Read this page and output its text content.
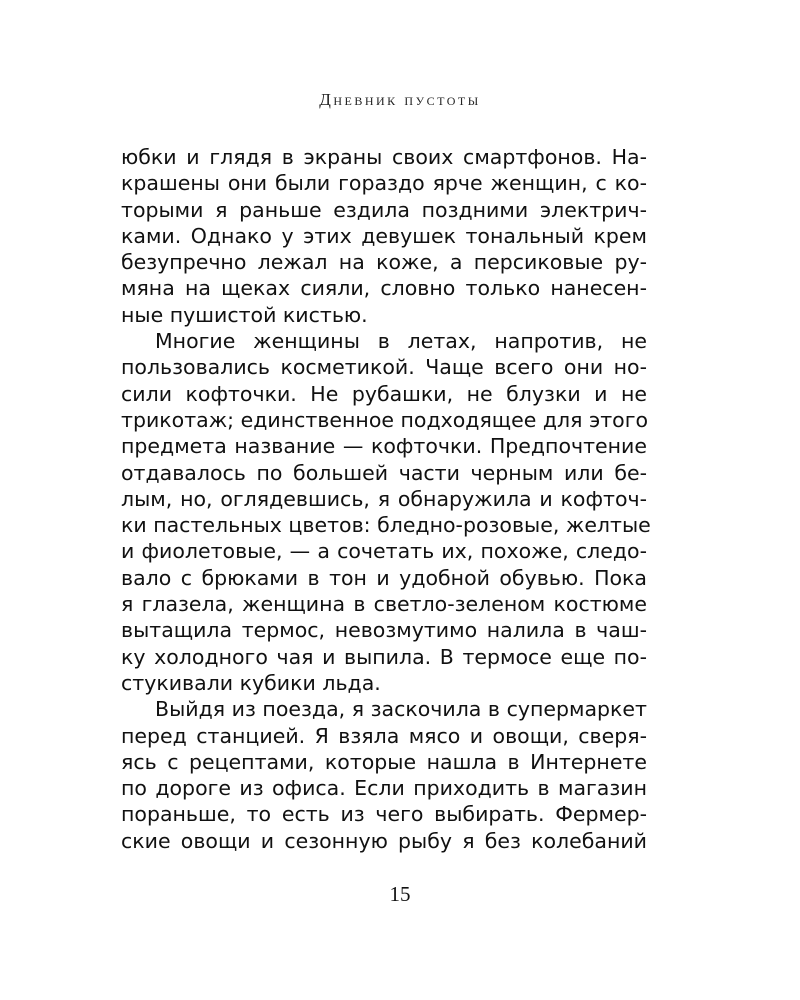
Дневник пустоты
юбки и глядя в экраны своих смартфонов. На-
крашены они были гораздо ярче женщин, с ко-
торыми я раньше ездила поздними электрич-
ками. Однако у этих девушек тональный крем
безупречно лежал на коже, а персиковые ру-
мяна на щеках сияли, словно только нанесен-
ные пушистой кистью.
Многие женщины в летах, напротив, не
пользовались косметикой. Чаще всего они но-
сили кофточки. Не рубашки, не блузки и не
трикотаж; единственное подходящее для этого
предмета название — кофточки. Предпочтение
отдавалось по большей части черным или бе-
лым, но, оглядевшись, я обнаружила и кофточ-
ки пастельных цветов: бледно-розовые, желтые
и фиолетовые, — а сочетать их, похоже, следо-
вало с брюками в тон и удобной обувью. Пока
я глазела, женщина в светло-зеленом костюме
вытащила термос, невозмутимо налила в чаш-
ку холодного чая и выпила. В термосе еще по-
стукивали кубики льда.
Выйдя из поезда, я заскочила в супермаркет
перед станцией. Я взяла мясо и овощи, сверя-
ясь с рецептами, которые нашла в Интернете
по дороге из офиса. Если приходить в магазин
пораньше, то есть из чего выбирать. Фермер-
ские овощи и сезонную рыбу я без колебаний
15
